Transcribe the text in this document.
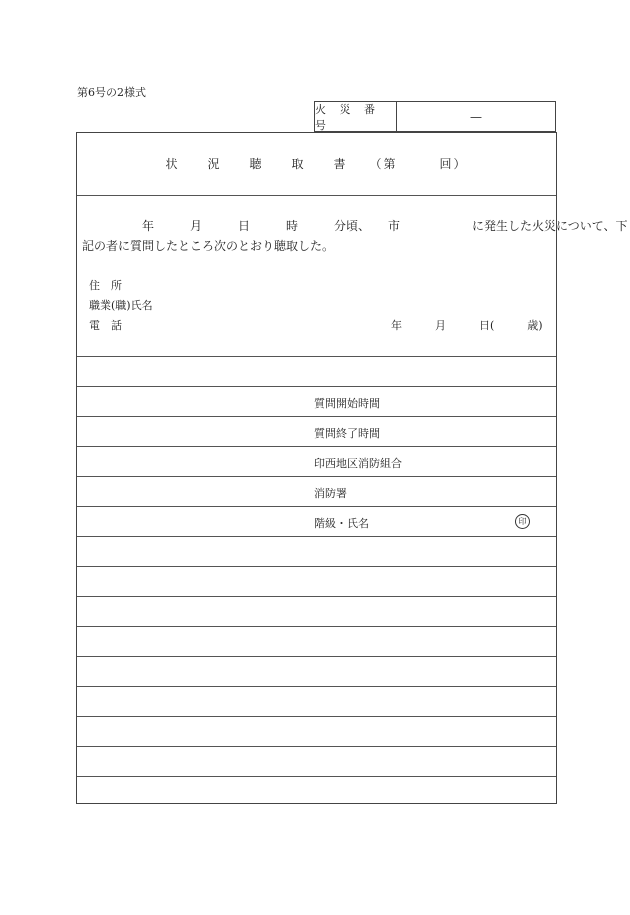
第6号の2様式
火 災 番 号
—
状　　況　　聴　　取　　書　　（第　　　回）
　　　　　年　　　月　　　日　　　時　　　分頃、　　市　　　　　　に発生した火災について、下
記の者に質問したところ次のとおり聴取した。
住　所
職業(職)氏名
電　話	年　　　月　　　日(　　　歳)
質問開始時間
質問終了時間
印西地区消防組合
消防署
階級・氏名	印
